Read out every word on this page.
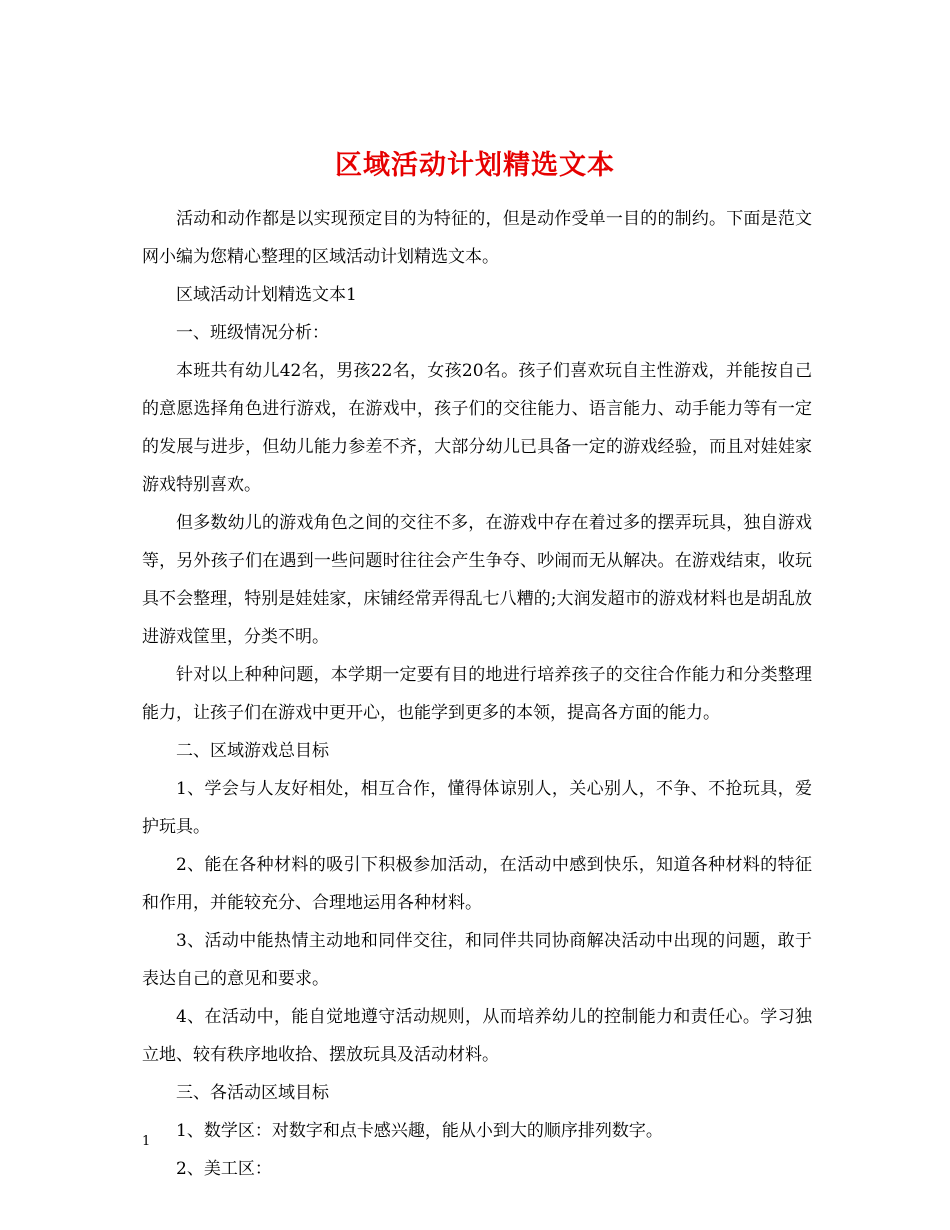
区域活动计划精选文本

活动和动作都是以实现预定目的为特征的，但是动作受单一目的的制约。下面是范文网小编为您精心整理的区域活动计划精选文本。

区域活动计划精选文本1

一、班级情况分析：

本班共有幼儿42名，男孩22名，女孩20名。孩子们喜欢玩自主性游戏，并能按自己的意愿选择角色进行游戏，在游戏中，孩子们的交往能力、语言能力、动手能力等有一定的发展与进步，但幼儿能力参差不齐，大部分幼儿已具备一定的游戏经验，而且对娃娃家游戏特别喜欢。

但多数幼儿的游戏角色之间的交往不多，在游戏中存在着过多的摆弄玩具，独自游戏等，另外孩子们在遇到一些问题时往往会产生争夺、吵闹而无从解决。在游戏结束，收玩具不会整理，特别是娃娃家，床铺经常弄得乱七八糟的;大润发超市的游戏材料也是胡乱放进游戏筐里，分类不明。

针对以上种种问题，本学期一定要有目的地进行培养孩子的交往合作能力和分类整理能力，让孩子们在游戏中更开心，也能学到更多的本领，提高各方面的能力。

二、区域游戏总目标

1、学会与人友好相处，相互合作，懂得体谅别人，关心别人，不争、不抢玩具，爱护玩具。

2、能在各种材料的吸引下积极参加活动，在活动中感到快乐，知道各种材料的特征和作用，并能较充分、合理地运用各种材料。

3、活动中能热情主动地和同伴交往，和同伴共同协商解决活动中出现的问题，敢于表达自己的意见和要求。

4、在活动中，能自觉地遵守活动规则，从而培养幼儿的控制能力和责任心。学习独立地、较有秩序地收拾、摆放玩具及活动材料。

三、各活动区域目标

1、数学区：对数字和点卡感兴趣，能从小到大的顺序排列数字。

2、美工区：

1
